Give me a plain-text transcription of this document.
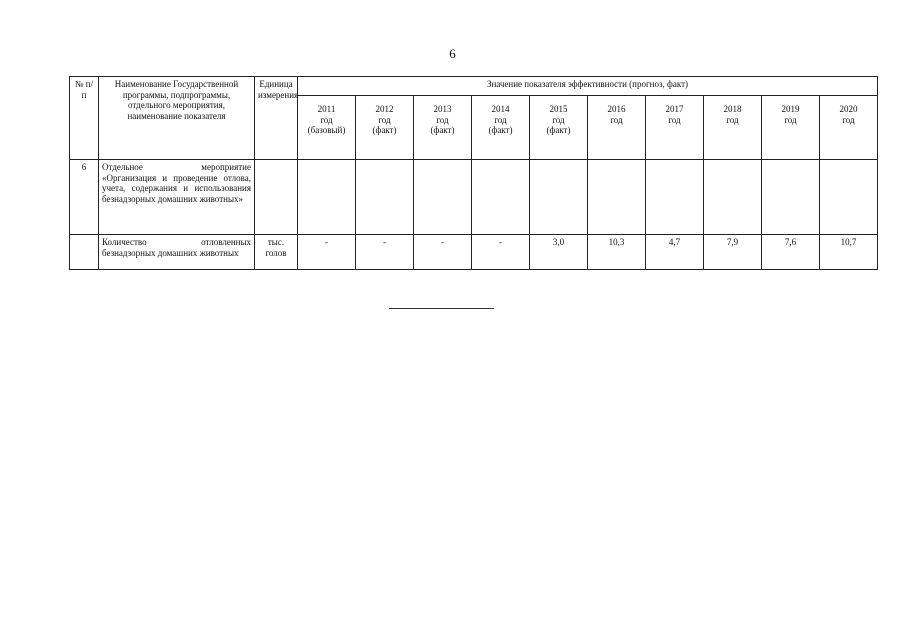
6
№ п/п	Наименование Государственной программы, подпрограммы, отдельного мероприятия, наименование показателя	Единица измерения	Значение показателя эффективности (прогноз, факт)									

			2011
год
(базовый)	2012
год
(факт)	2013
год
(факт)	2014
год
(факт)	2015
год
(факт)	2016
год	2017
год	2018
год	2019
год	2020
год

6	Отдельное мероприятие «Организация и проведение отлова, учета, содержания и использования безнадзорных домашних животных»											
	Количество отловленных безнадзорных домашних животных	тыс. голов	-	-	-	-	3,0	10,3	4,7	7,9	7,6	10,7
